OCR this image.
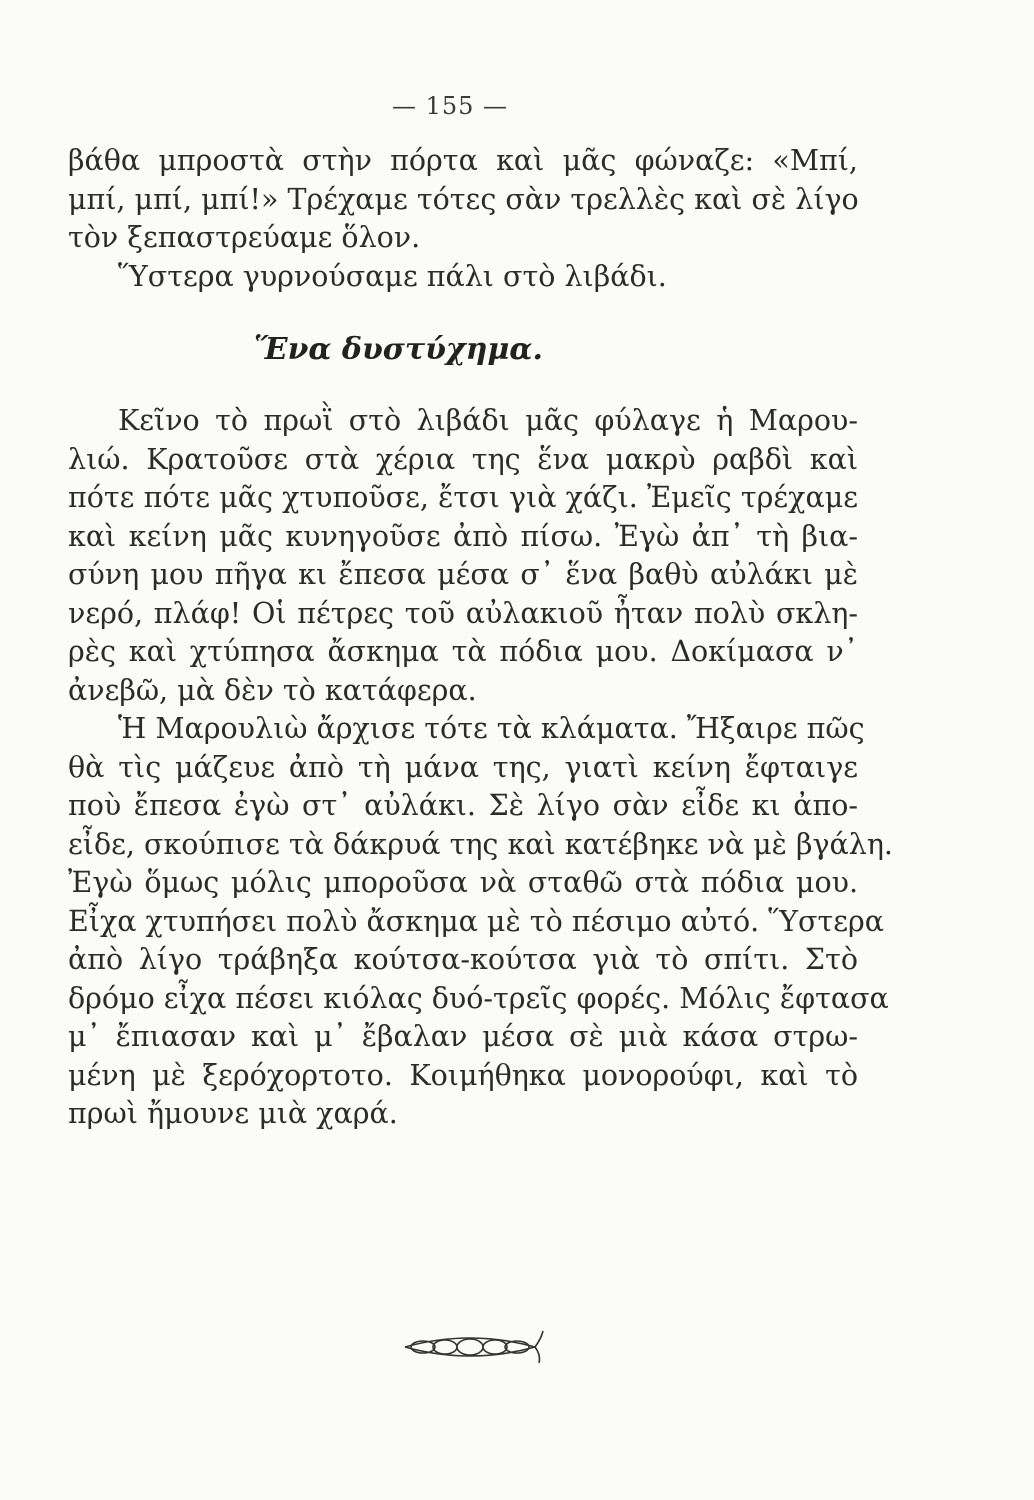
— 155 —
βάθα μπροστὰ στὴν πόρτα καὶ μᾶς φώναζε: «Μπί,
μπί, μπί, μπί!» Τρέχαμε τότες σὰν τρελλὲς καὶ σὲ λίγο
τὸν ξεπαστρεύαμε ὅλον.
Ὕστερα γυρνούσαμε πάλι στὸ λιβάδι.
Ἕνα δυστύχημα.
Κεῖνο τὸ πρωῒ στὸ λιβάδι μᾶς φύλαγε ἡ Μαρου-
λιώ. Κρατοῦσε στὰ χέρια της ἕνα μακρὺ ραβδὶ καὶ
πότε πότε μᾶς χτυποῦσε, ἔτσι γιὰ χάζι. Ἐμεῖς τρέχαμε
καὶ κείνη μᾶς κυνηγοῦσε ἀπὸ πίσω. Ἐγὼ ἀπ᾿ τὴ βια-
σύνη μου πῆγα κι ἔπεσα μέσα σ᾿ ἕνα βαθὺ αὐλάκι μὲ
νερό, πλάφ! Οἱ πέτρες τοῦ αὐλακιοῦ ἦταν πολὺ σκλη-
ρὲς καὶ χτύπησα ἄσκημα τὰ πόδια μου. Δοκίμασα ν᾿
ἀνεβῶ, μὰ δὲν τὸ κατάφερα.
Ἡ Μαρουλιὼ ἄρχισε τότε τὰ κλάματα. Ἤξαιρε πῶς
θὰ τὶς μάζευε ἀπὸ τὴ μάνα της, γιατὶ κείνη ἔφταιγε
ποὺ ἔπεσα ἐγὼ στ᾿ αὐλάκι. Σὲ λίγο σὰν εἶδε κι ἀπο-
εἶδε, σκούπισε τὰ δάκρυά της καὶ κατέβηκε νὰ μὲ βγάλη.
Ἐγὼ ὅμως μόλις μποροῦσα νὰ σταθῶ στὰ πόδια μου.
Εἶχα χτυπήσει πολὺ ἄσκημα μὲ τὸ πέσιμο αὐτό. Ὕστερα
ἀπὸ λίγο τράβηξα κούτσα-κούτσα γιὰ τὸ σπίτι. Στὸ
δρόμο εἶχα πέσει κιόλας δυό-τρεῖς φορές. Μόλις ἔφτασα
μ᾿ ἔπιασαν καὶ μ᾿ ἔβαλαν μέσα σὲ μιὰ κάσα στρω-
μένη μὲ ξερόχορτοτο. Κοιμήθηκα μονορούφι, καὶ τὸ
πρωὶ ἤμουνε μιὰ χαρά.
